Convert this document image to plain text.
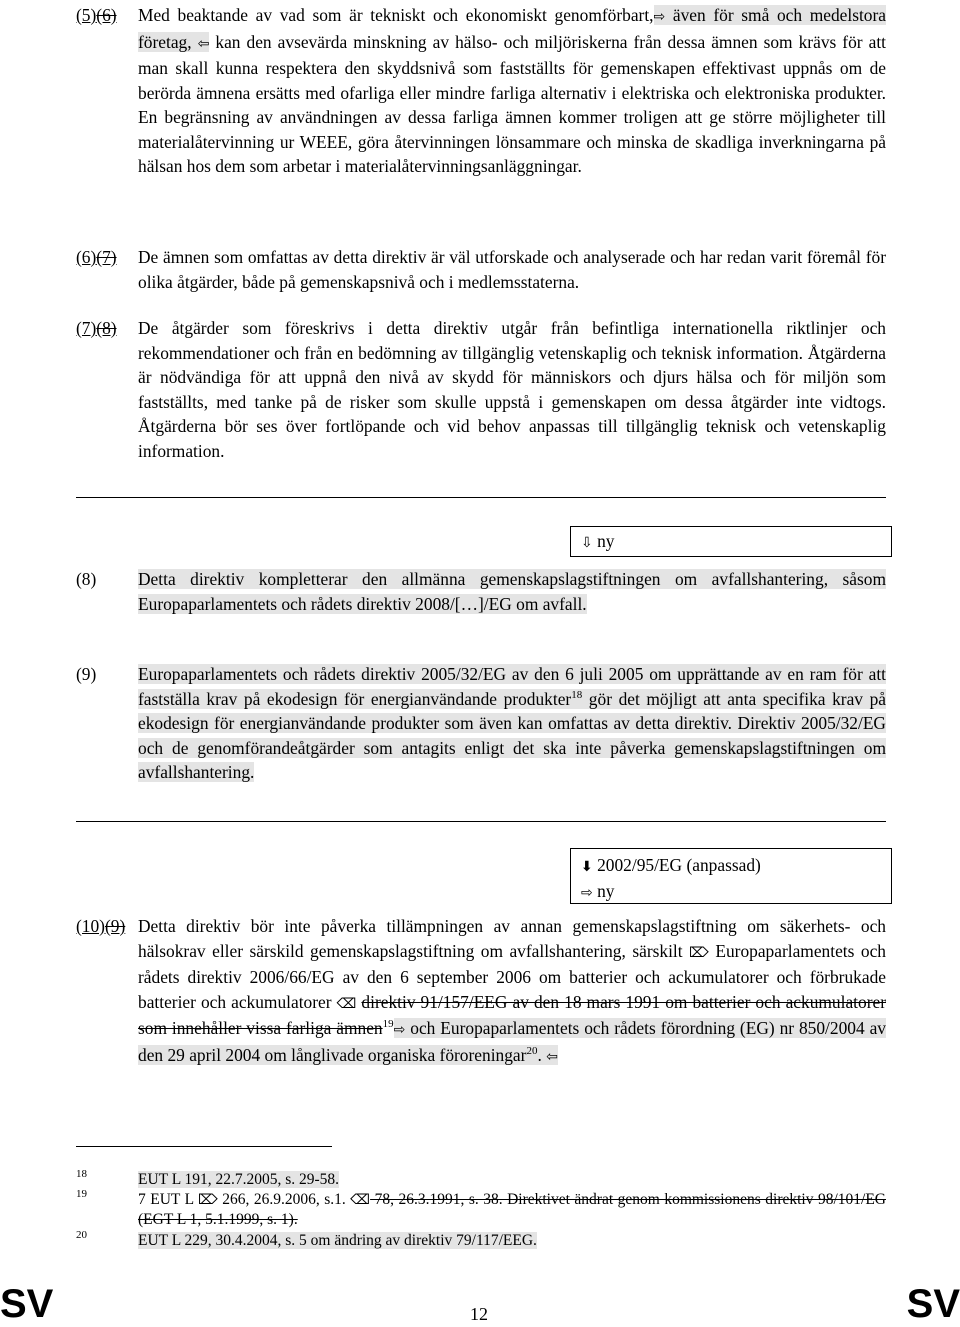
(5)(6) Med beaktande av vad som är tekniskt och ekonomiskt genomförbart,⇨ även för små och medelstora företag, ⇦ kan den avsevärda minskning av hälso- och miljöriskerna från dessa ämnen som krävs för att man skall kunna respektera den skyddsnivå som fastställts för gemenskapen effektivast uppnås om de berörda ämnena ersätts med ofarliga eller mindre farliga alternativ i elektriska och elektroniska produkter. En begränsning av användningen av dessa farliga ämnen kommer troligen att ge större möjligheter till materialåtervinning ur WEEE, göra återvinningen lönsammare och minska de skadliga inverkningarna på hälsan hos dem som arbetar i materialåtervinningsanläggningar.
(6)(7) De ämnen som omfattas av detta direktiv är väl utforskade och analyserade och har redan varit föremål för olika åtgärder, både på gemenskapsnivå och i medlemsstaterna.
(7)(8) De åtgärder som föreskrivs i detta direktiv utgår från befintliga internationella riktlinjer och rekommendationer och från en bedömning av tillgänglig vetenskaplig och teknisk information. Åtgärderna är nödvändiga för att uppnå den nivå av skydd för människors och djurs hälsa och för miljön som fastställts, med tanke på de risker som skulle uppstå i gemenskapen om dessa åtgärder inte vidtogs. Åtgärderna bör ses över fortlöpande och vid behov anpassas till tillgänglig teknisk och vetenskaplig information.
⇩ ny
(8) Detta direktiv kompletterar den allmänna gemenskapslagstiftningen om avfallshantering, såsom Europaparlamentets och rådets direktiv 2008/[…]/EG om avfall.
(9) Europaparlamentets och rådets direktiv 2005/32/EG av den 6 juli 2005 om upprättande av en ram för att fastställa krav på ekodesign för energianvändande produkter$^{18}$ gör det möjligt att anta specifika krav på ekodesign för energianvändande produkter som även kan omfattas av detta direktiv. Direktiv 2005/32/EG och de genomförandeåtgärder som antagits enligt det ska inte påverka gemenskapslagstiftningen om avfallshantering.
⬇ 2002/95/EG (anpassad)
⇨ ny
(10)(9) Detta direktiv bör inte påverka tillämpningen av annan gemenskapslagstiftning om säkerhets- och hälsokrav eller särskild gemenskapslagstiftning om avfallshantering, särskilt ⌦ Europaparlamentets och rådets direktiv 2006/66/EG av den 6 september 2006 om batterier och ackumulatorer och förbrukade batterier och ackumulatorer ⌫ direktiv 91/157/EEG av den 18 mars 1991 om batterier och ackumulatorer som innehåller vissa farliga ämnen$^{19}$⇨ och Europaparlamentets och rådets förordning (EG) nr 850/2004 av den 29 april 2004 om långlivade organiska föroreningar$^{20}$. ⇦
18	EUT L 191, 22.7.2005, s. 29-58.
19	7 EUT L ⌦ 266, 26.9.2006, s.1. ⌫ 78, 26.3.1991, s. 38. Direktivet ändrat genom kommissionens direktiv 98/101/EG (EGT L 1, 5.1.1999, s. 1).
20	EUT L 229, 30.4.2004, s. 5 om ändring av direktiv 79/117/EEG.
SV	12	SV
